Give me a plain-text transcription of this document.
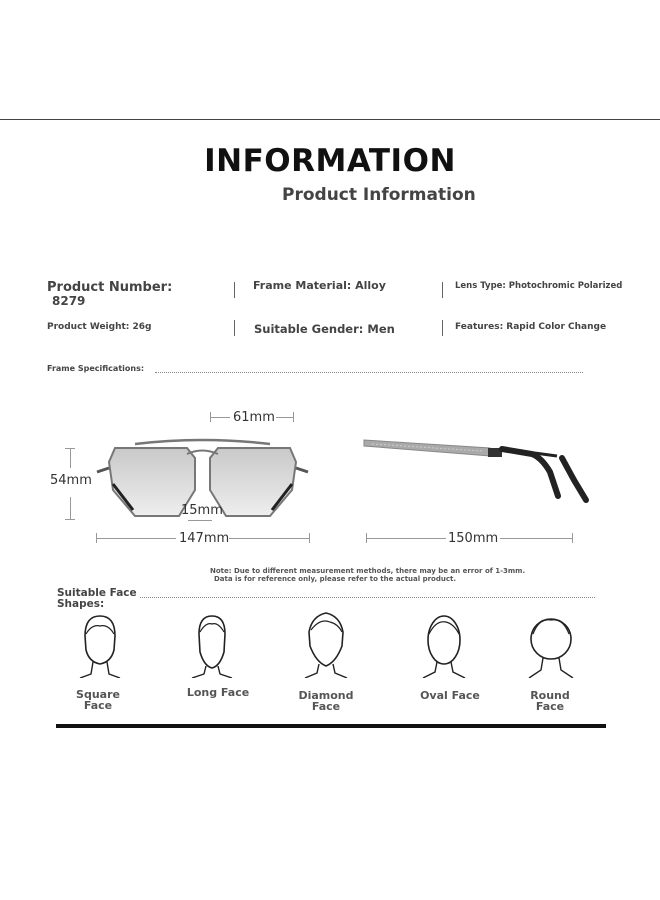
INFORMATION
Product Information
Product Number:
8279
Frame Material: Alloy	Lens Type: Photochromic Polarized
Product Weight: 26g	Suitable Gender: Men	Features: Rapid Color Change
Frame Specifications:
61mm
54mm
15mm
147mm	150mm
Note: Due to different measurement methods, there may be an error of 1-3mm.
Data is for reference only, please refer to the actual product.
Suitable Face
Shapes:
Square
Face
Long Face	Diamond
Face
Oval Face	Round
Face
